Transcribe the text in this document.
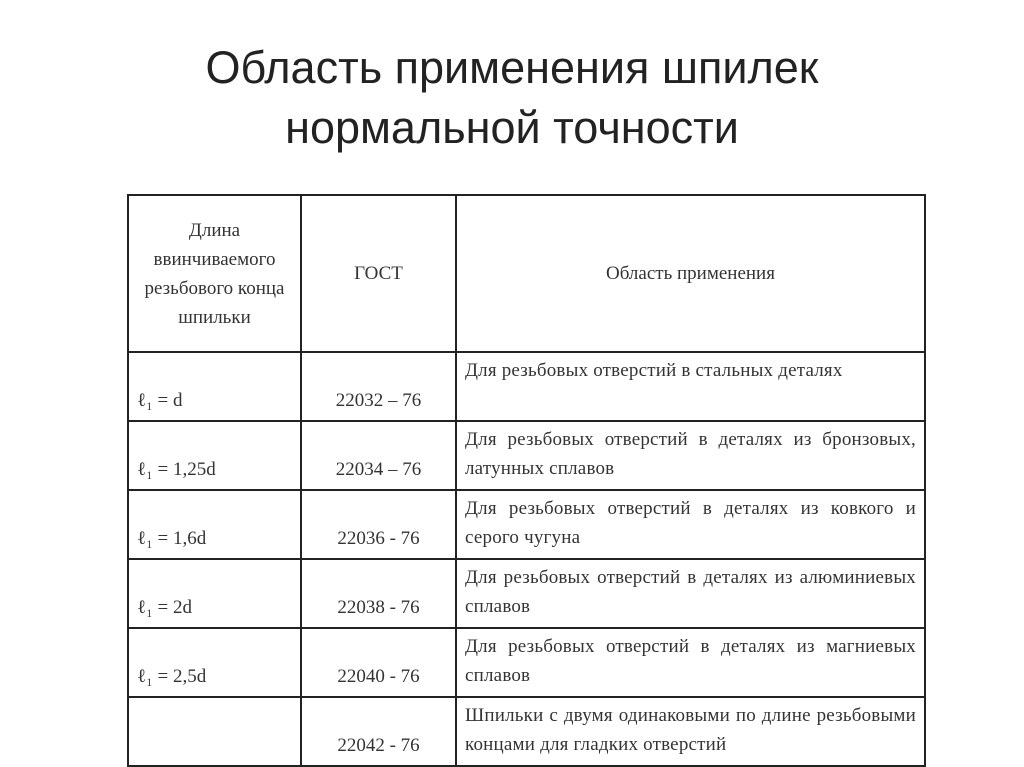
Область применения шпилек
нормальной точности
Длина ввинчиваемого резьбового конца шпильки	ГОСТ	Область применения
ℓ₁ = d	22032 – 76	Для резьбовых отверстий в стальных деталях
ℓ₁ = 1,25d	22034 – 76	Для резьбовых отверстий в деталях из бронзовых, латунных сплавов
ℓ₁ = 1,6d	22036 - 76	Для резьбовых отверстий в деталях из ковкого и серого чугуна
ℓ₁ = 2d	22038 - 76	Для резьбовых отверстий в деталях из алюминиевых сплавов
ℓ₁ = 2,5d	22040 - 76	Для резьбовых отверстий в деталях из магниевых сплавов
	22042 - 76	Шпильки с двумя одинаковыми по длине резьбовыми концами для гладких отверстий
